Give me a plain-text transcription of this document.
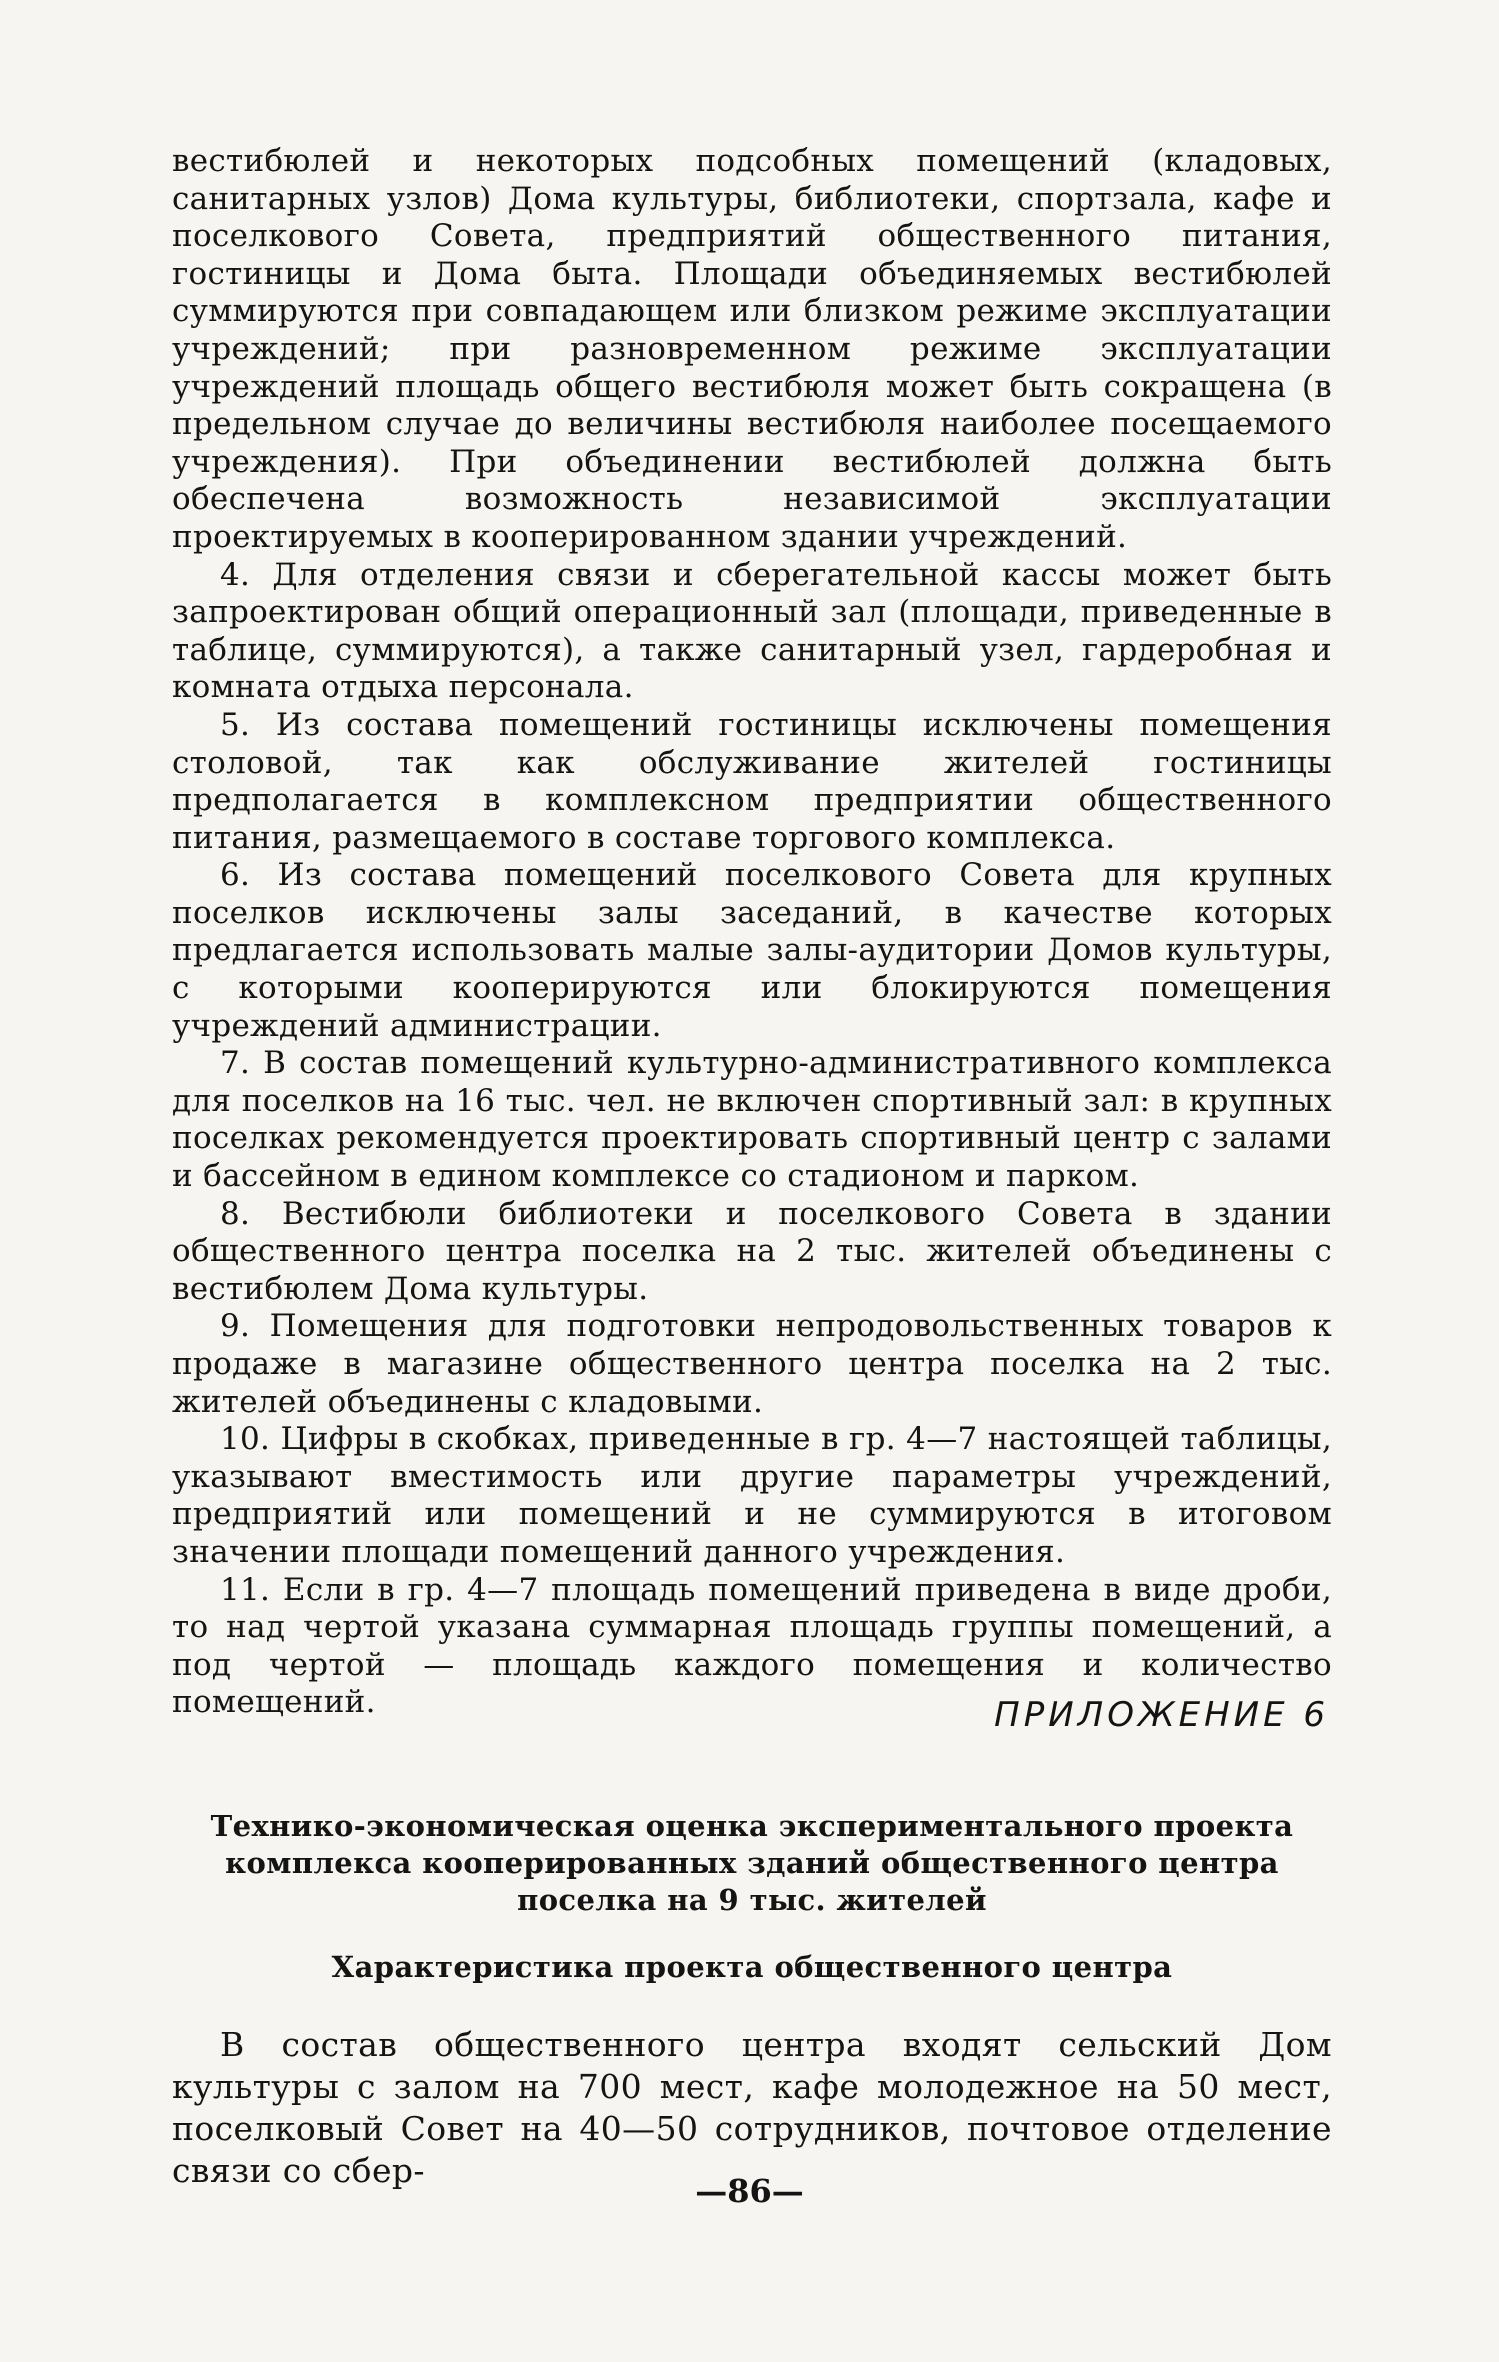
вестибюлей и некоторых подсобных помещений (кладовых, санитарных узлов) Дома культуры, библиотеки, спортзала, кафе и поселкового Совета, предприятий общественного питания, гостиницы и Дома быта. Площади объединяемых вестибюлей суммируются при совпадающем или близком режиме эксплуатации учреждений; при разновременном режиме эксплуатации учреждений площадь общего вестибюля может быть сокращена (в предельном случае до величины вестибюля наиболее посещаемого учреждения). При объединении вестибюлей должна быть обеспечена возможность независимой эксплуатации проектируемых в кооперированном здании учреждений.

4. Для отделения связи и сберегательной кассы может быть запроектирован общий операционный зал (площади, приведенные в таблице, суммируются), а также санитарный узел, гардеробная и комната отдыха персонала.

5. Из состава помещений гостиницы исключены помещения столовой, так как обслуживание жителей гостиницы предполагается в комплексном предприятии общественного питания, размещаемого в составе торгового комплекса.

6. Из состава помещений поселкового Совета для крупных поселков исключены залы заседаний, в качестве которых предлагается использовать малые залы-аудитории Домов культуры, с которыми кооперируются или блокируются помещения учреждений администрации.

7. В состав помещений культурно-административного комплекса для поселков на 16 тыс. чел. не включен спортивный зал: в крупных поселках рекомендуется проектировать спортивный центр с залами и бассейном в едином комплексе со стадионом и парком.

8. Вестибюли библиотеки и поселкового Совета в здании общественного центра поселка на 2 тыс. жителей объединены с вестибюлем Дома культуры.

9. Помещения для подготовки непродовольственных товаров к продаже в магазине общественного центра поселка на 2 тыс. жителей объединены с кладовыми.

10. Цифры в скобках, приведенные в гр. 4—7 настоящей таблицы, указывают вместимость или другие параметры учреждений, предприятий или помещений и не суммируются в итоговом значении площади помещений данного учреждения.

11. Если в гр. 4—7 площадь помещений приведена в виде дроби, то над чертой указана суммарная площадь группы помещений, а под чертой — площадь каждого помещения и количество помещений.	ПРИЛОЖЕНИЕ 6
Технико-экономическая оценка экспериментального проекта
комплекса кооперированных зданий общественного центра
поселка на 9 тыс. жителей
Характеристика проекта общественного центра

В состав общественного центра входят сельский Дом культуры с залом на 700 мест, кафе молодежное на 50 мест, поселковый Совет на 40—50 сотрудников, почтовое отделение связи со сбер-

—86—
